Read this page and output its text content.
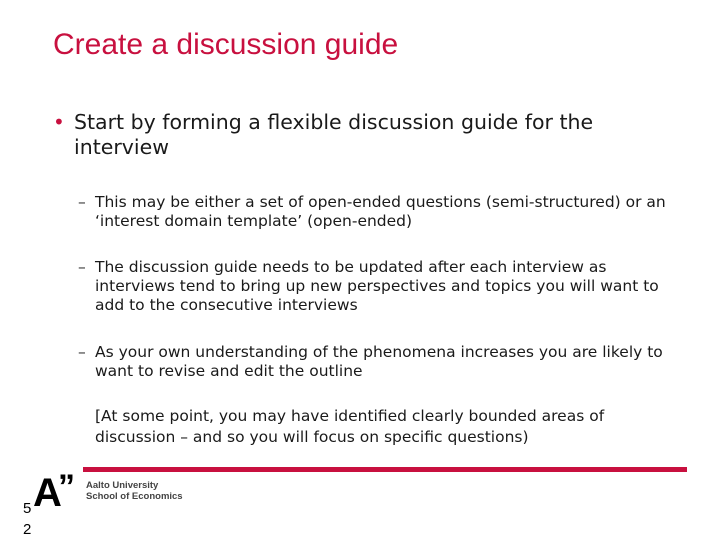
Create a discussion guide
• Start by forming a flexible discussion guide for the interview
– This may be either a set of open-ended questions (semi-structured) or an ‘interest domain template’ (open-ended)
– The discussion guide needs to be updated after each interview as interviews tend to bring up new perspectives and topics you will want to add to the consecutive interviews
– As your own understanding of the phenomena increases you are likely to want to revise and edit the outline
[At some point, you may have identified clearly bounded areas of discussion – and so you will focus on specific questions)
A
” Aalto University
School of Economics
5 2
